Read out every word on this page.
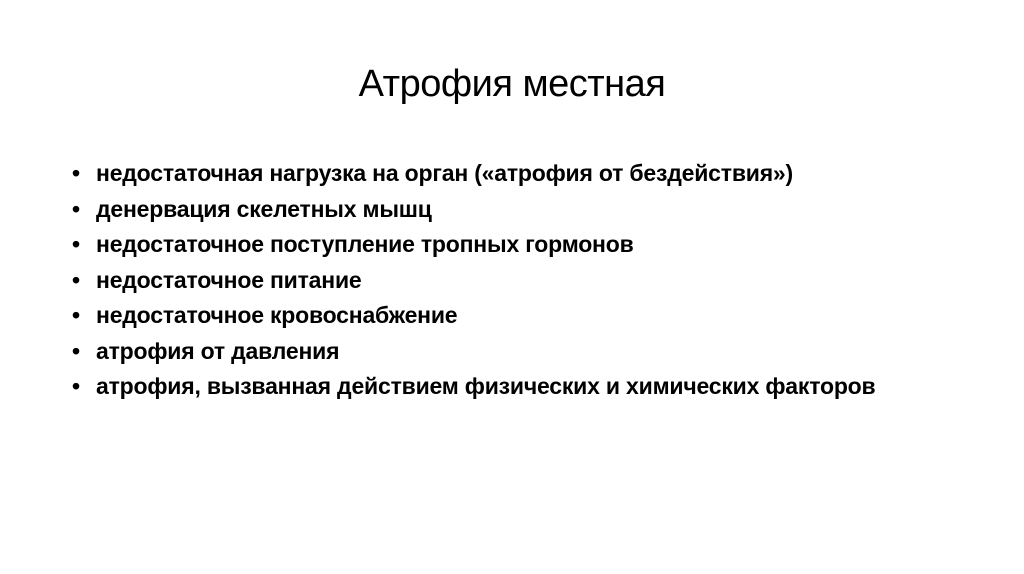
Атрофия местная
• недостаточная нагрузка на орган («атрофия от бездействия»)
• денервация скелетных мышц
• недостаточное поступление тропных гормонов
• недостаточное питание
• недостаточное кровоснабжение
• атрофия от давления
• атрофия, вызванная действием физических и химических факторов
